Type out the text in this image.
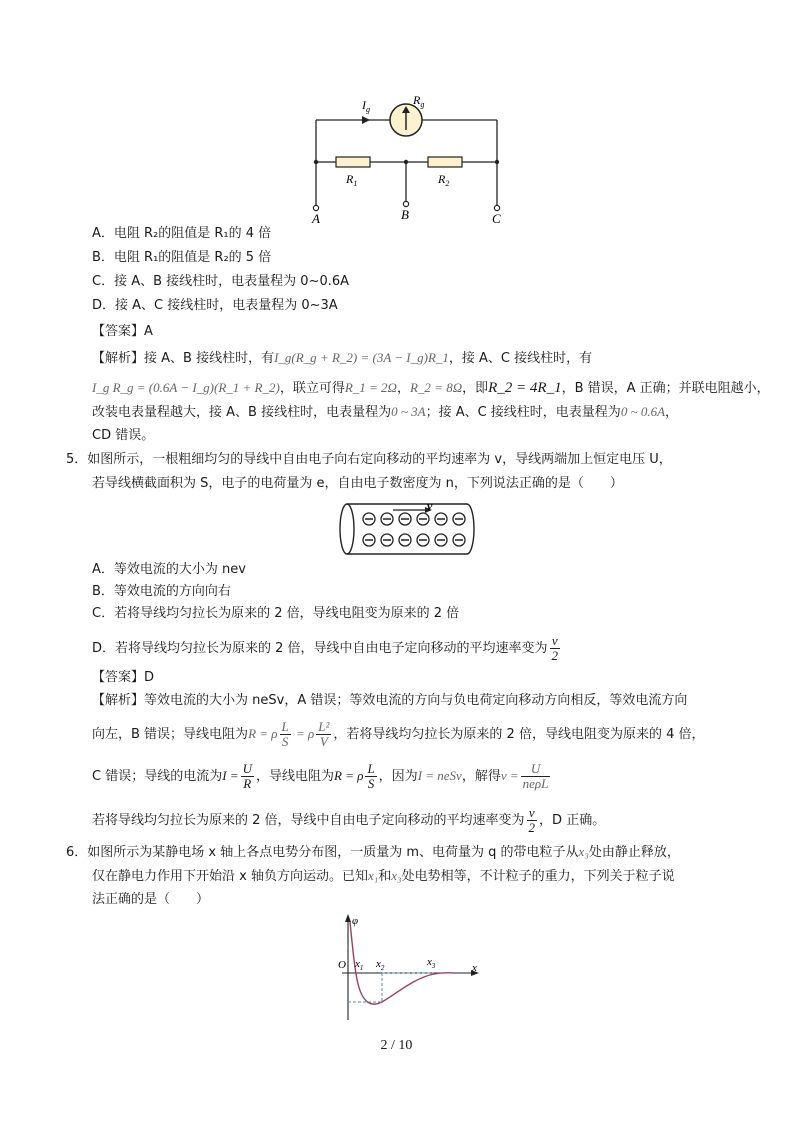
$I_g$
$R_g$
$R_1$	$R_2$
A	B	C
A．电阻 R₂的阻值是 R₁的 4 倍
B．电阻 R₁的阻值是 R₂的 5 倍
C．接 A、B 接线柱时，电表量程为 0~0.6A
D．接 A、C 接线柱时，电表量程为 0~3A
【答案】A
【解析】接 A、B 接线柱时，有I_g(R_g + R_2) = (3A − I_g)R_1，接 A、C 接线柱时，有
I_g R_g = (0.6A − I_g)(R_1 + R_2)，联立可得R_1 = 2Ω，R_2 = 8Ω，即R_2 = 4R_1，B 错误，A 正确；并联电阻越小，
改装电表量程越大，接 A、B 接线柱时，电表量程为0 ~ 3A；接 A、C 接线柱时，电表量程为0 ~ 0.6A，
CD 错误。
5．如图所示，一根粗细均匀的导线中自由电子向右定向移动的平均速率为 v，导线两端加上恒定电压 U，
若导线横截面积为 S，电子的电荷量为 e，自由电子数密度为 n，下列说法正确的是（　　）
v
A．等效电流的大小为 nev
B．等效电流的方向向右
C．若将导线均匀拉长为原来的 2 倍，导线电阻变为原来的 2 倍
D．若将导线均匀拉长为原来的 2 倍，导线中自由电子定向移动的平均速率变为 $\frac{v}{2}$
【答案】D
【解析】等效电流的大小为 neSv，A 错误；等效电流的方向与负电荷定向移动方向相反，等效电流方向
向左，B 错误；导线电阻为R = ρ $\frac{L}{S} = \rho \frac{\text{L²}}{V}$ ，若将导线均匀拉长为原来的 2 倍，导线电阻变为原来的 4 倍，
C 错误；导线的电流为$I = \frac{U}{R}$ ，导线电阻为R = ρ $\frac{L}{S}$ ，因为I = neSv，解得$v = \frac{U}{\text{neρL}}$
若将导线均匀拉长为原来的 2 倍，导线中自由电子定向移动的平均速率变为 $\frac{v}{2}$ ，D 正确。
6．如图所示为某静电场 x 轴上各点电势分布图，一质量为 m、电荷量为 q 的带电粒子从x₃处由静止释放，
仅在静电力作用下开始沿 x 轴负方向运动。已知x₁和x₃处电势相等，不计粒子的重力，下列关于粒子说
法正确的是（　　）
φ
O $x_1$ $x_2$	$x_3$	x
2 / 10
